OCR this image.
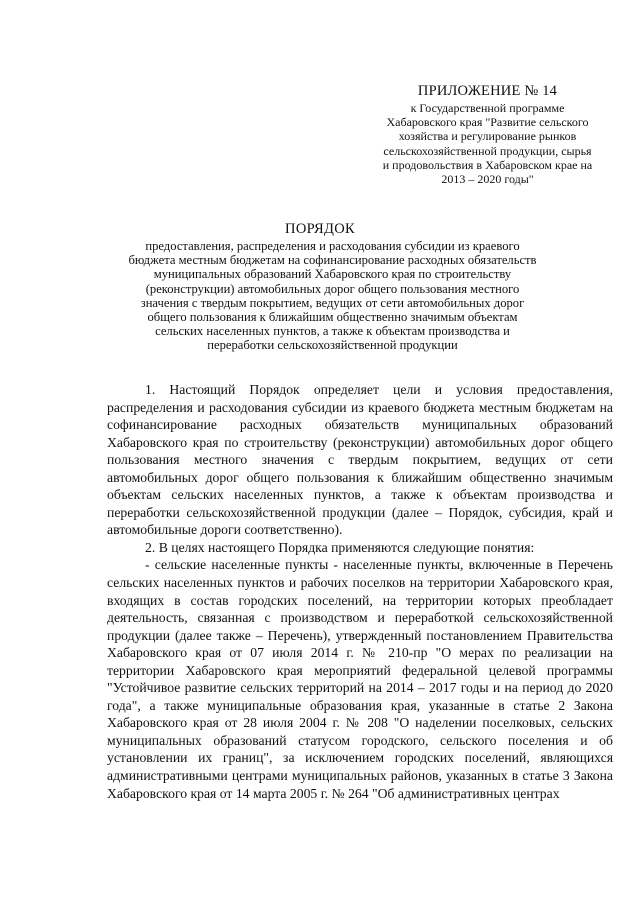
ПРИЛОЖЕНИЕ № 14
к Государственной программе
Хабаровского края "Развитие сельского
хозяйства и регулирование рынков
сельскохозяйственной продукции, сырья
и продовольствия в Хабаровском крае на
2013 – 2020 годы"
ПОРЯДОК
предоставления, распределения и расходования субсидии из краевого
бюджета местным бюджетам на софинансирование расходных обязательств
муниципальных образований Хабаровского края по строительству
(реконструкции) автомобильных дорог общего пользования местного
значения с твердым покрытием, ведущих от сети автомобильных дорог
общего пользования к ближайшим общественно значимым объектам
сельских населенных пунктов, а также к объектам производства и
переработки сельскохозяйственной продукции

1. Настоящий Порядок определяет цели и условия предоставления, распределения и расходования субсидии из краевого бюджета местным бюджетам на софинансирование расходных обязательств муниципальных образований Хабаровского края по строительству (реконструкции) автомобильных дорог общего пользования местного значения с твердым покрытием, ведущих от сети автомобильных дорог общего пользования к ближайшим общественно значимым объектам сельских населенных пунктов, а также к объектам производства и переработки сельскохозяйственной продукции (далее – Порядок, субсидия, край и автомобильные дороги соответственно).

2. В целях настоящего Порядка применяются следующие понятия:

- сельские населенные пункты - населенные пункты, включенные в Перечень сельских населенных пунктов и рабочих поселков на территории Хабаровского края, входящих в состав городских поселений, на территории которых преобладает деятельность, связанная с производством и переработкой сельскохозяйственной продукции (далее также – Перечень), утвержденный постановлением Правительства Хабаровского края от 07 июля 2014 г. № 210-пр "О мерах по реализации на территории Хабаровского края мероприятий федеральной целевой программы "Устойчивое развитие сельских территорий на 2014 – 2017 годы и на период до 2020 года", а также муниципальные образования края, указанные в статье 2 Закона Хабаровского края от 28 июля 2004 г. № 208 "О наделении поселковых, сельских муниципальных образований статусом городского, сельского поселения и об установлении их границ", за исключением городских поселений, являющихся административными центрами муниципальных районов, указанных в статье 3 Закона Хабаровского края от 14 марта 2005 г. № 264 "Об административных центрах
